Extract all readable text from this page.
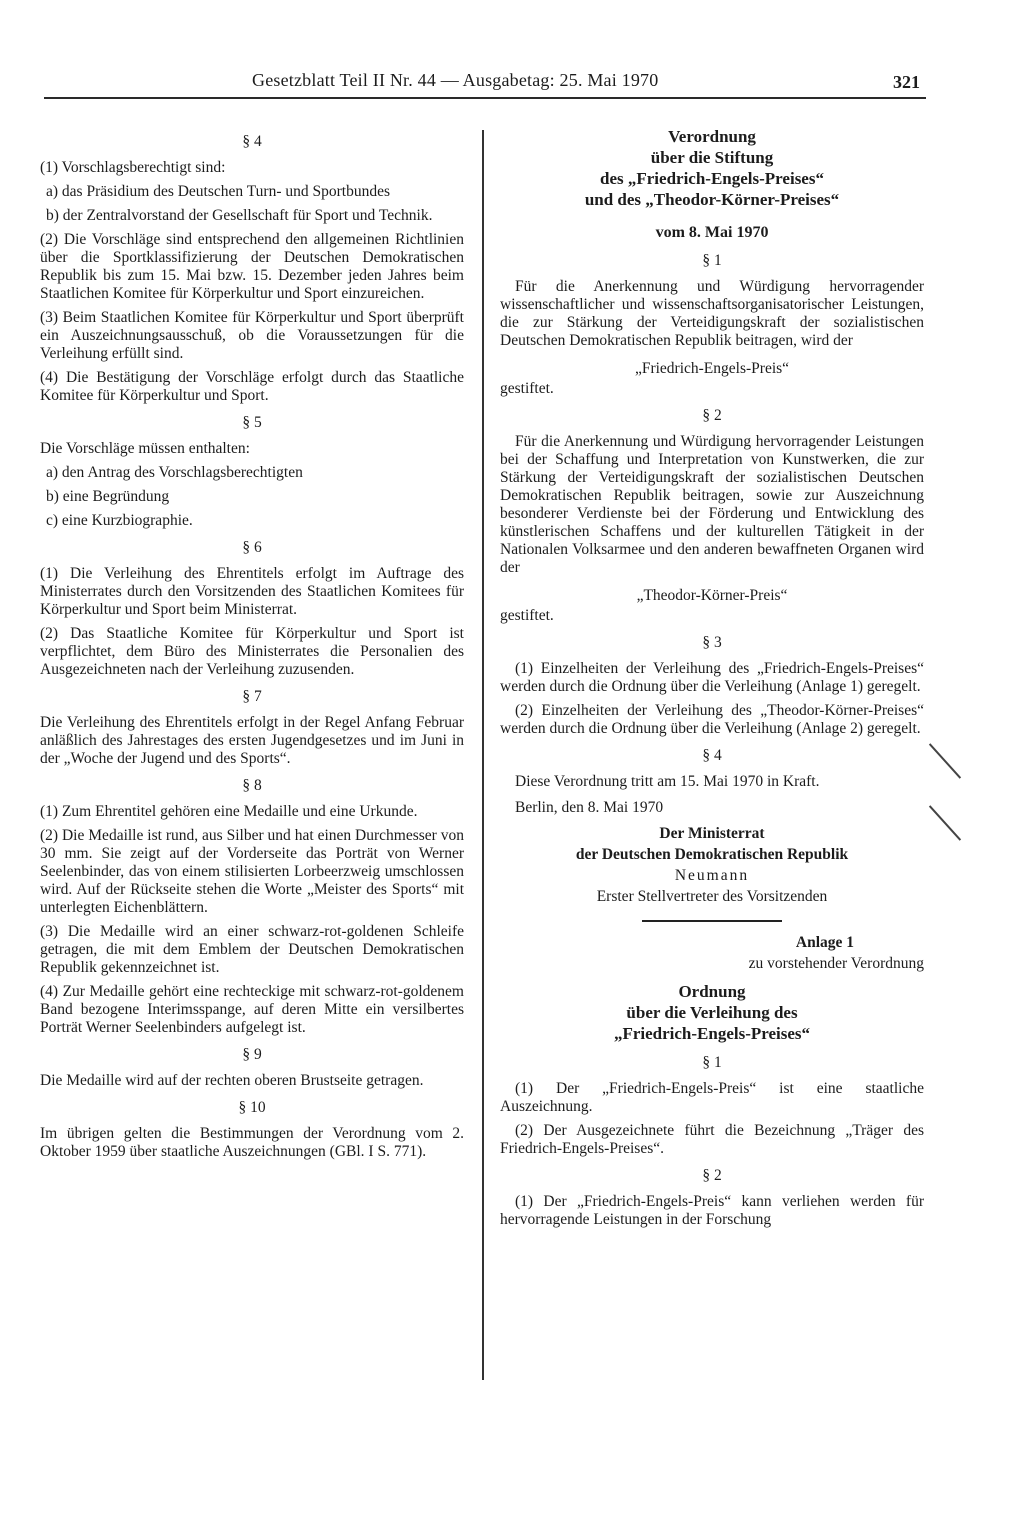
Gesetzblatt Teil II Nr. 44 — Ausgabetag: 25. Mai 1970	321
§ 4

(1) Vorschlagsberechtigt sind:

a) das Präsidium des Deutschen Turn- und Sportbundes

b) der Zentralvorstand der Gesellschaft für Sport und Technik.

(2) Die Vorschläge sind entsprechend den allgemeinen Richtlinien über die Sportklassifizierung der Deutschen Demokratischen Republik bis zum 15. Mai bzw. 15. Dezember jeden Jahres beim Staatlichen Komitee für Körperkultur und Sport einzureichen.

(3) Beim Staatlichen Komitee für Körperkultur und Sport überprüft ein Auszeichnungsausschuß, ob die Voraussetzungen für die Verleihung erfüllt sind.

(4) Die Bestätigung der Vorschläge erfolgt durch das Staatliche Komitee für Körperkultur und Sport.

§ 5

Die Vorschläge müssen enthalten:

a) den Antrag des Vorschlagsberechtigten

b) eine Begründung

c) eine Kurzbiographie.

§ 6

(1) Die Verleihung des Ehrentitels erfolgt im Auftrage des Ministerrates durch den Vorsitzenden des Staatlichen Komitees für Körperkultur und Sport beim Ministerrat.

(2) Das Staatliche Komitee für Körperkultur und Sport ist verpflichtet, dem Büro des Ministerrates die Personalien des Ausgezeichneten nach der Verleihung zuzusenden.

§ 7

Die Verleihung des Ehrentitels erfolgt in der Regel Anfang Februar anläßlich des Jahrestages des ersten Jugendgesetzes und im Juni in der „Woche der Jugend und des Sports“.

§ 8

(1) Zum Ehrentitel gehören eine Medaille und eine Urkunde.

(2) Die Medaille ist rund, aus Silber und hat einen Durchmesser von 30 mm. Sie zeigt auf der Vorderseite das Porträt von Werner Seelenbinder, das von einem stilisierten Lorbeerzweig umschlossen wird. Auf der Rückseite stehen die Worte „Meister des Sports“ mit unterlegten Eichenblättern.

(3) Die Medaille wird an einer schwarz-rot-goldenen Schleife getragen, die mit dem Emblem der Deutschen Demokratischen Republik gekennzeichnet ist.

(4) Zur Medaille gehört eine rechteckige mit schwarz-rot-goldenem Band bezogene Interimsspange, auf deren Mitte ein versilbertes Porträt Werner Seelenbinders aufgelegt ist.

§ 9

Die Medaille wird auf der rechten oberen Brustseite getragen.

§ 10

Im übrigen gelten die Bestimmungen der Verordnung vom 2. Oktober 1959 über staatliche Auszeichnungen (GBl. I S. 771).

Verordnung
über die Stiftung
des „Friedrich-Engels-Preises“
und des „Theodor-Körner-Preises“
vom 8. Mai 1970
§ 1

Für die Anerkennung und Würdigung hervorragender wissenschaftlicher und wissenschaftsorganisatorischer Leistungen, die zur Stärkung der Verteidigungskraft der sozialistischen Deutschen Demokratischen Republik beitragen, wird der

„Friedrich-Engels-Preis“

gestiftet.

§ 2

Für die Anerkennung und Würdigung hervorragender Leistungen bei der Schaffung und Interpretation von Kunstwerken, die zur Stärkung der Verteidigungskraft der sozialistischen Deutschen Demokratischen Republik beitragen, sowie zur Auszeichnung besonderer Verdienste bei der Förderung und Entwicklung des künstlerischen Schaffens und der kulturellen Tätigkeit in der Nationalen Volksarmee und den anderen bewaffneten Organen wird der

„Theodor-Körner-Preis“

gestiftet.

§ 3

(1) Einzelheiten der Verleihung des „Friedrich-Engels-Preises“ werden durch die Ordnung über die Verleihung (Anlage 1) geregelt.

(2) Einzelheiten der Verleihung des „Theodor-Körner-Preises“ werden durch die Ordnung über die Verleihung (Anlage 2) geregelt.

§ 4

Diese Verordnung tritt am 15. Mai 1970 in Kraft.

Berlin, den 8. Mai 1970

Der Ministerrat
der Deutschen Demokratischen Republik
Neumann
Erster Stellvertreter des Vorsitzenden
Anlage 1
zu vorstehender Verordnung
Ordnung
über die Verleihung des
„Friedrich-Engels-Preises“
§ 1

(1) Der „Friedrich-Engels-Preis“ ist eine staatliche Auszeichnung.

(2) Der Ausgezeichnete führt die Bezeichnung „Träger des Friedrich-Engels-Preises“.

§ 2

(1) Der „Friedrich-Engels-Preis“ kann verliehen werden für hervorragende Leistungen in der Forschung
